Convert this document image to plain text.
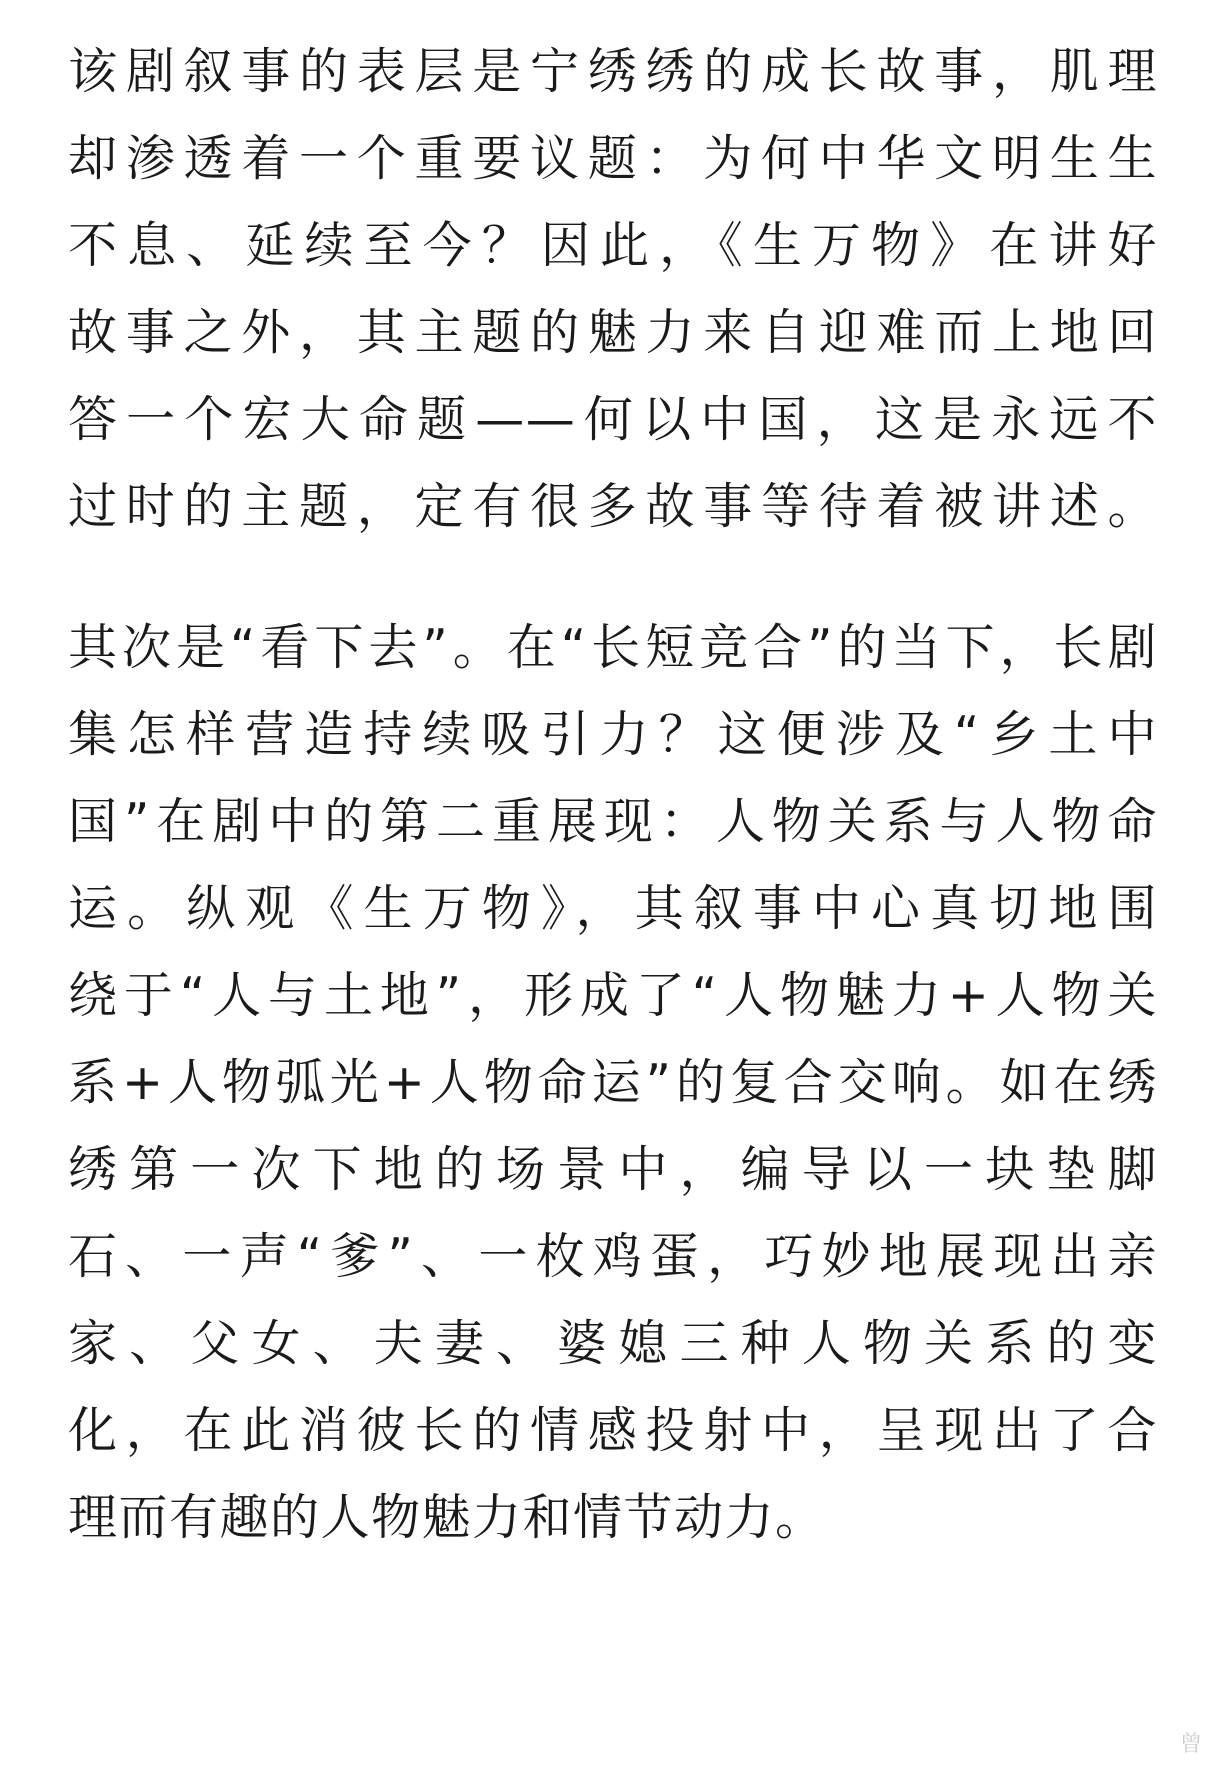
该剧叙事的表层是宁绣绣的成长故事，肌理
却渗透着一个重要议题：为何中华文明生生
不息、延续至今？因此，《生万物》在讲好
故事之外，其主题的魅力来自迎难而上地回
答一个宏大命题——何以中国，这是永远不
过时的主题，定有很多故事等待着被讲述。

其次是“看下去”。在“长短竞合”的当下，长剧
集怎样营造持续吸引力？这便涉及“乡土中
国”在剧中的第二重展现：人物关系与人物命
运。纵观《生万物》，其叙事中心真切地围
绕于“人与土地”，形成了“人物魅力+人物关
系+人物弧光+人物命运”的复合交响。如在绣
绣第一次下地的场景中，编导以一块垫脚
石、一声“爹”、一枚鸡蛋，巧妙地展现出亲
家、父女、夫妻、婆媳三种人物关系的变
化，在此消彼长的情感投射中，呈现出了合
理而有趣的人物魅力和情节动力。

曾
